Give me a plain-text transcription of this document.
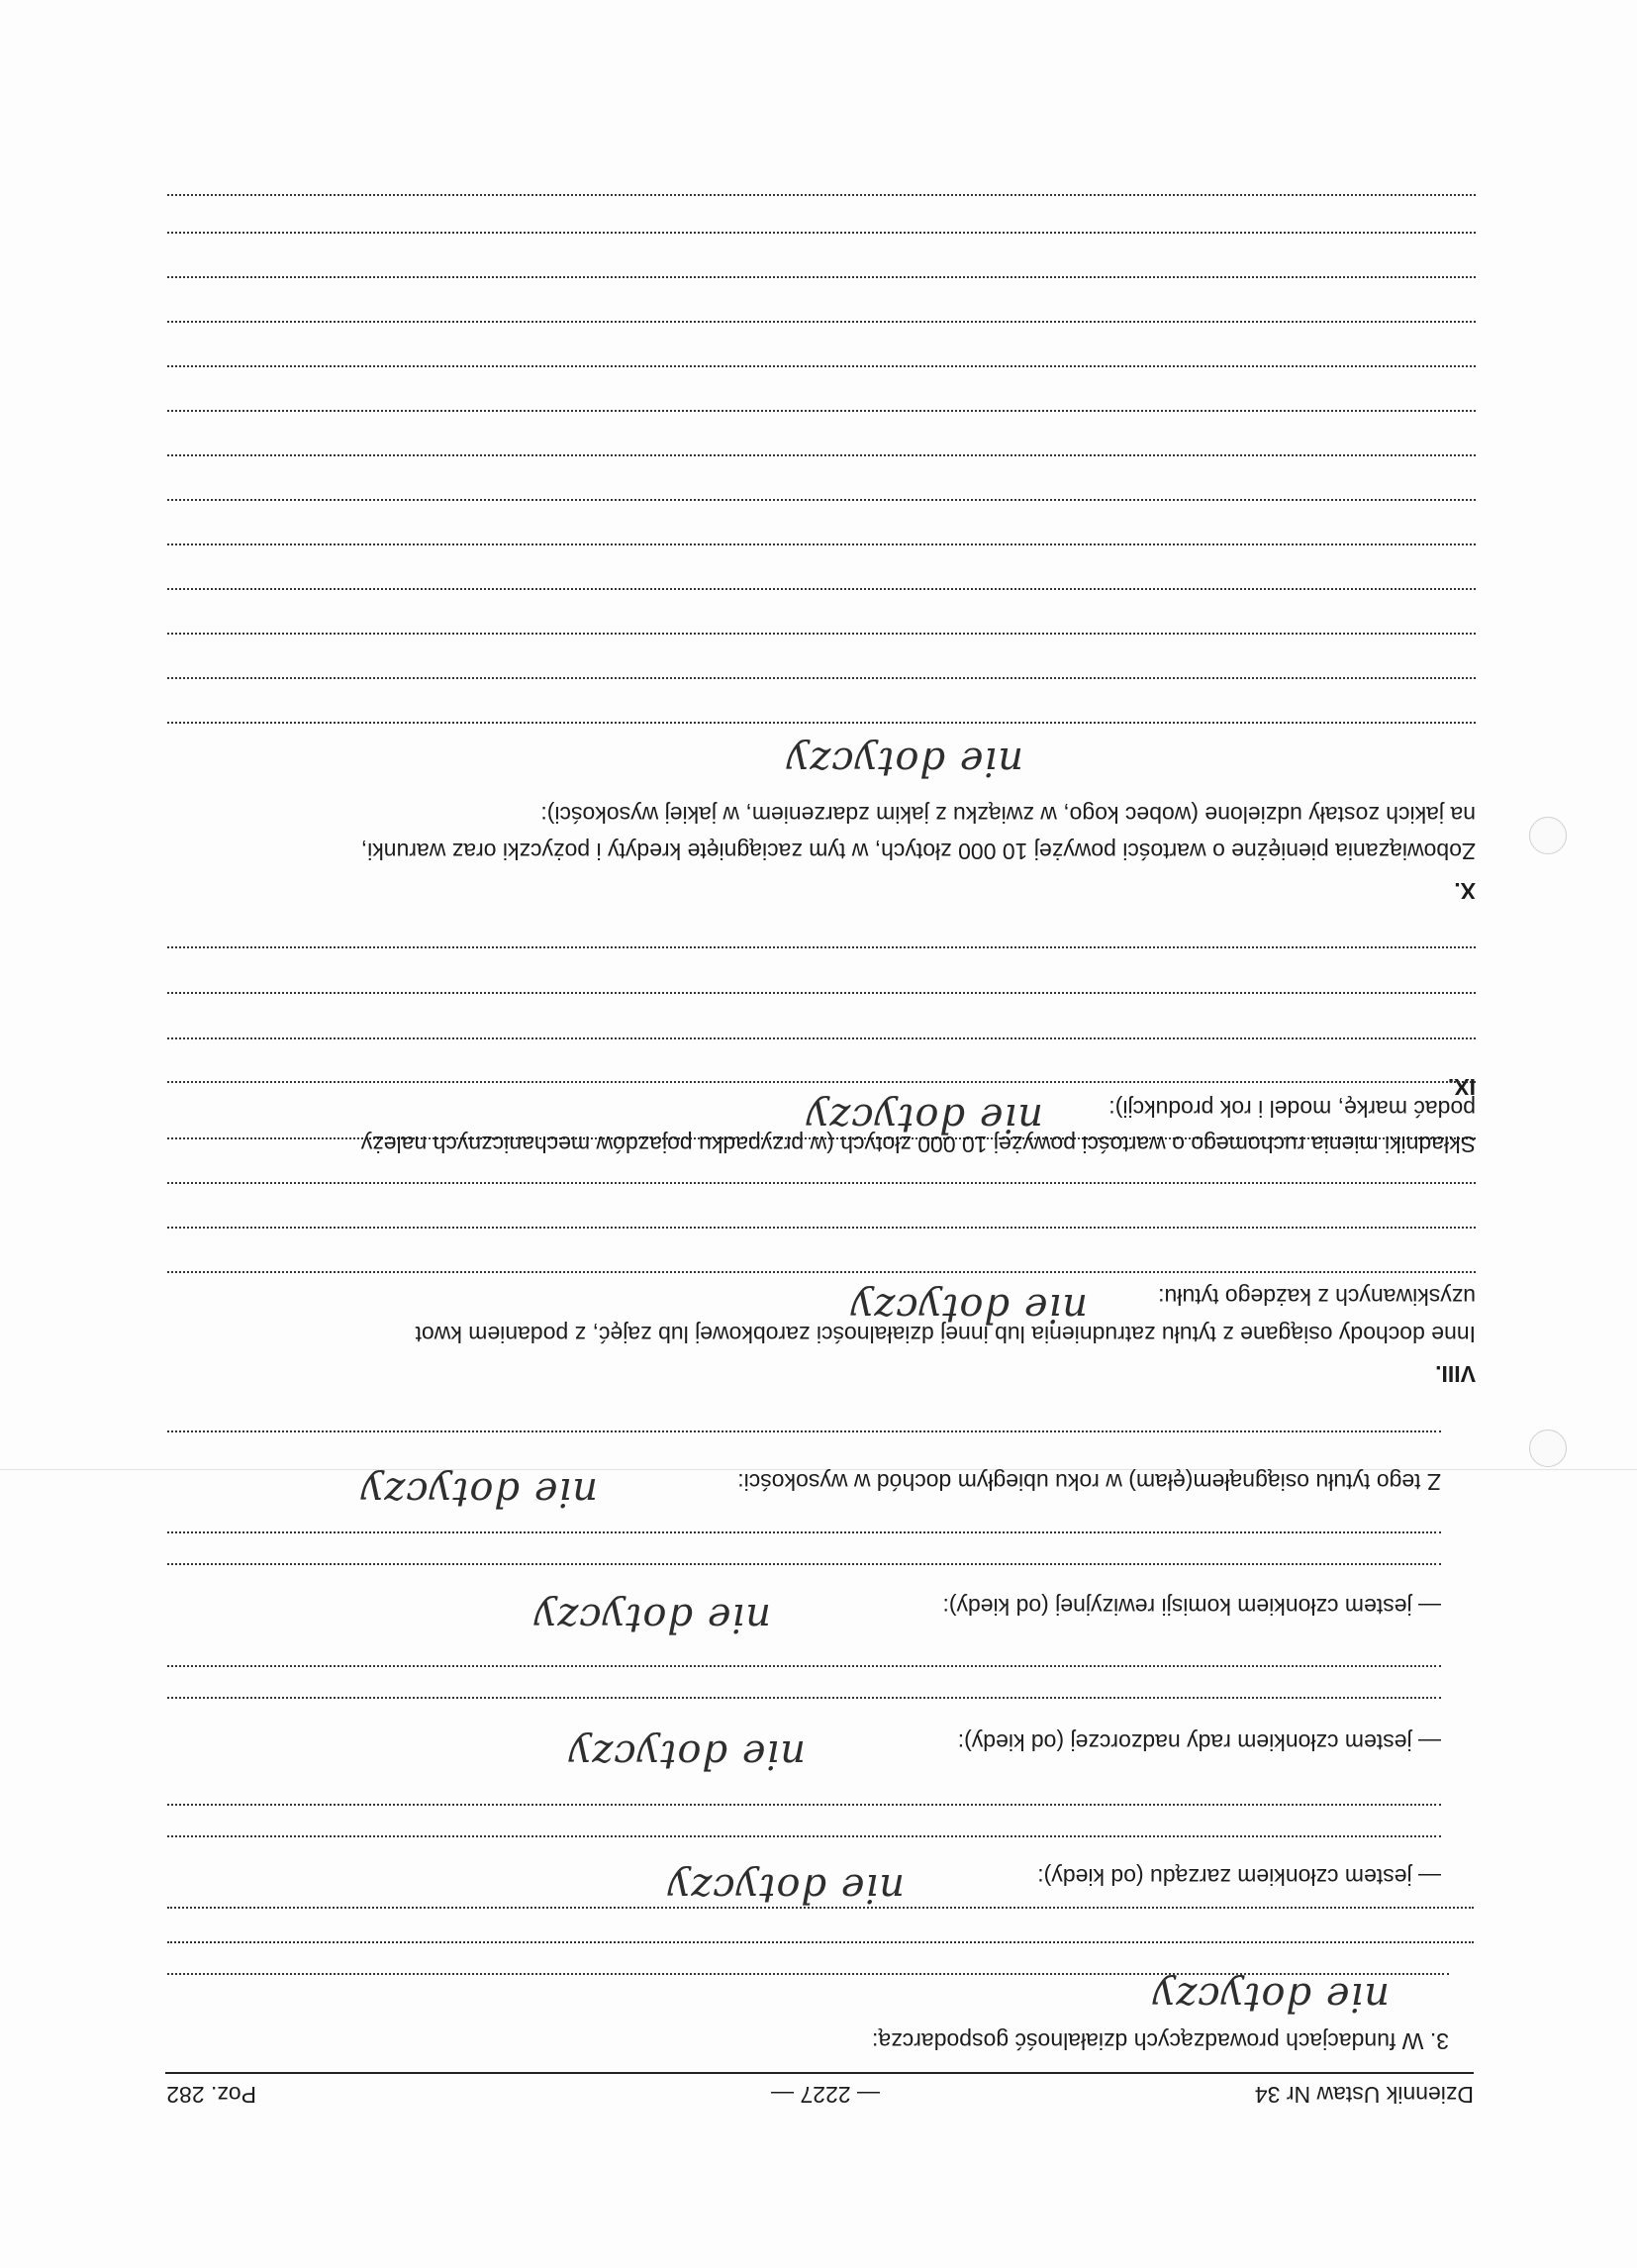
Dziennik Ustaw Nr 34
— 2227 —
Poz. 282
3. W fundacjach prowadzących działalność gospodarczą:
nie dotyczy
— jestem członkiem zarządu (od kiedy):
nie dotyczy
— jestem członkiem rady nadzorczej (od kiedy):
nie dotyczy
— jestem członkiem komisji rewizyjnej (od kiedy):
nie dotyczy
Z tego tytułu osiągnąłem(ęłam) w roku ubiegłym dochód w wysokości:
nie dotyczy
VIII.
Inne dochody osiągane z tytułu zatrudnienia lub innej działalności zarobkowej lub zajęć, z podaniem kwot
uzyskiwanych z każdego tytułu:
nie dotyczy
IX.
Składniki mienia ruchomego o wartości powyżej 10 000 złotych (w przypadku pojazdów mechanicznych należy
podać markę, model i rok produkcji):
nie dotyczy
X.
Zobowiązania pieniężne o wartości powyżej 10 000 złotych, w tym zaciągnięte kredyty i pożyczki oraz warunki,
na jakich zostały udzielone (wobec kogo, w związku z jakim zdarzeniem, w jakiej wysokości):
nie dotyczy
